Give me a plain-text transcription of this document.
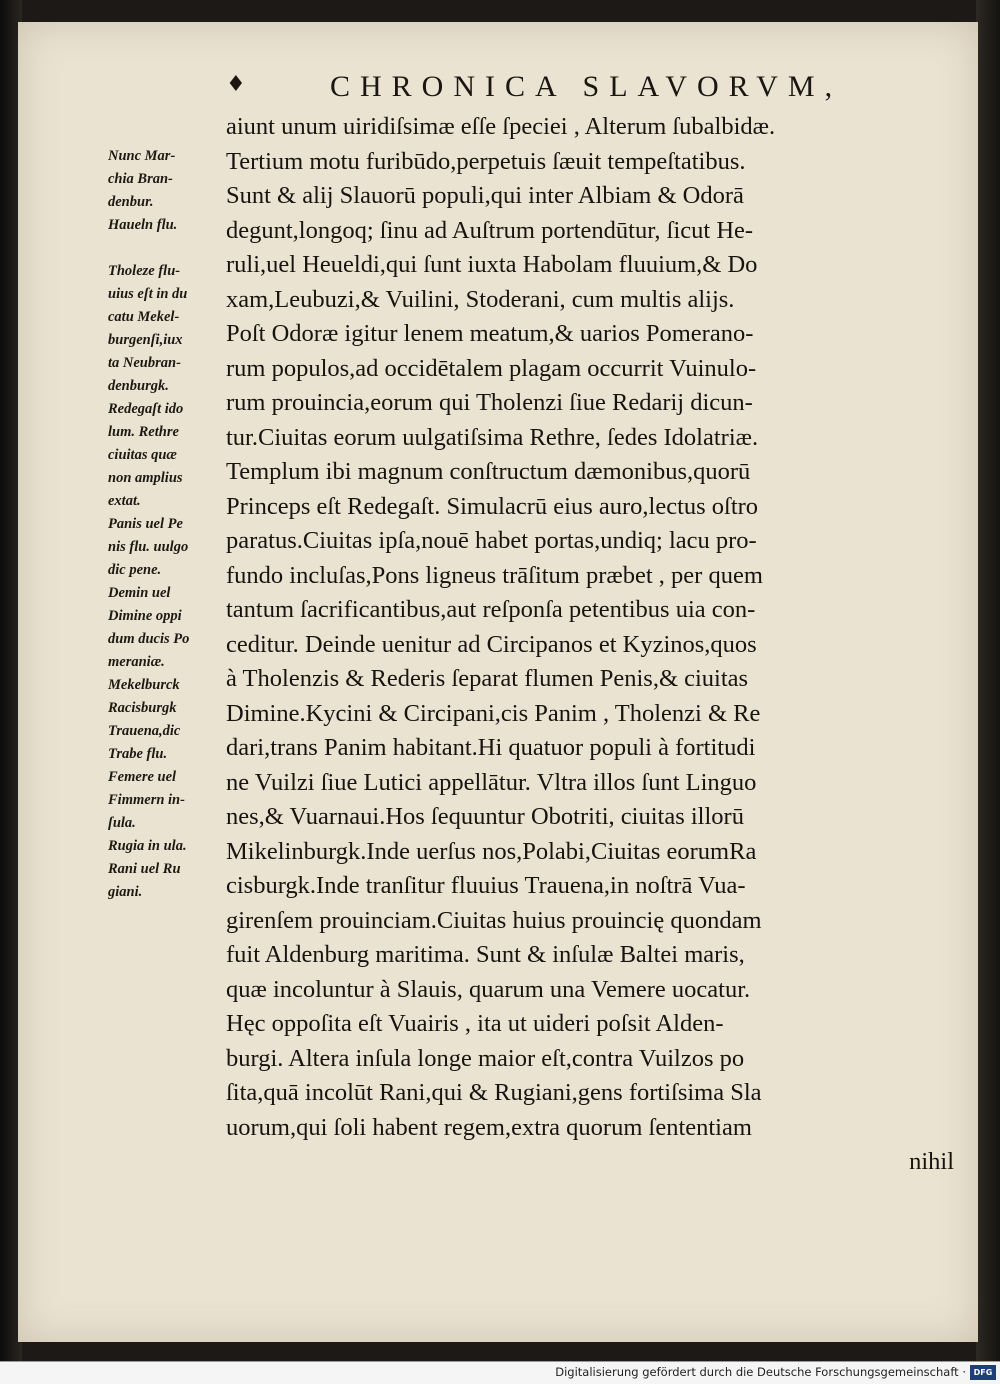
♦	CHRONICA SLAVORVM,
aiunt unum uiridiſsimæ eſſe ſpeciei , Alterum ſubalbidæ.
Tertium motu furibūdo,perpetuis ſæuit tempeſtatibus.
Sunt & alij Slauorū populi,qui inter Albiam & Odorā
degunt,longoq; ſinu ad Auſtrum portendūtur, ſicut He-
ruli,uel Heueldi,qui ſunt iuxta Habolam fluuium,& Do
xam,Leubuzi,& Vuilini, Stoderani, cum multis alijs.
Poſt Odoræ igitur lenem meatum,& uarios Pomerano-
rum populos,ad occidētalem plagam occurrit Vuinulo-
rum prouincia,eorum qui Tholenzi ſiue Redarij dicun-
tur.Ciuitas eorum uulgatiſsima Rethre, ſedes Idolatriæ.
Templum ibi magnum conſtructum dæmonibus,quorū
Princeps eſt Redegaſt. Simulacrū eius auro,lectus oſtro
paratus.Ciuitas ipſa,nouē habet portas,undiq; lacu pro-
fundo incluſas,Pons ligneus trāſitum præbet , per quem
tantum ſacrificantibus,aut reſponſa petentibus uia con-
ceditur. Deinde uenitur ad Circipanos et Kyzinos,quos
à Tholenzis & Rederis ſeparat flumen Penis,& ciuitas
Dimine.Kycini & Circipani,cis Panim , Tholenzi & Re
dari,trans Panim habitant.Hi quatuor populi à fortitudi
ne Vuilzi ſiue Lutici appellātur. Vltra illos ſunt Linguo
nes,& Vuarnaui.Hos ſequuntur Obotriti, ciuitas illorū
Mikelinburgk.Inde uerſus nos,Polabi,Ciuitas eorumRa
cisburgk.Inde tranſitur fluuius Trauena,in noſtrā Vua-
girenſem prouinciam.Ciuitas huius prouincię quondam
fuit Aldenburg maritima. Sunt & inſulæ Baltei maris,
quæ incoluntur à Slauis, quarum una Vemere uocatur.
Hęc oppoſita eſt Vuairis , ita ut uideri poſsit Alden-
burgi. Altera inſula longe maior eſt,contra Vuilzos po
ſita,quā incolūt Rani,qui & Rugiani,gens fortiſsima Sla
uorum,qui ſoli habent regem,extra quorum ſententiam
nihil
Nunc Mar-
chia Bran-
denbur.
Haueln flu.
Tholeze flu-
uius eſt in du
catu Mekel-
burgenſi,iux
ta Neubran-
denburgk.
Redegaſt ido
lum. Rethre
ciuitas quæ
non amplius
extat.
Panis uel Pe
nis flu. uulgo
dic pene.
Demin uel
Dimine oppi
dum ducis Po
meraniæ.
Mekelburck
Racisburgk
Trauena,dic
Trabe flu.
Femere uel
Fimmern in-
ſula.
Rugia in ula.
Rani uel Ru
giani.
Digitalisierung gefördert durch die Deutsche Forschungsgemeinschaft · DFG
